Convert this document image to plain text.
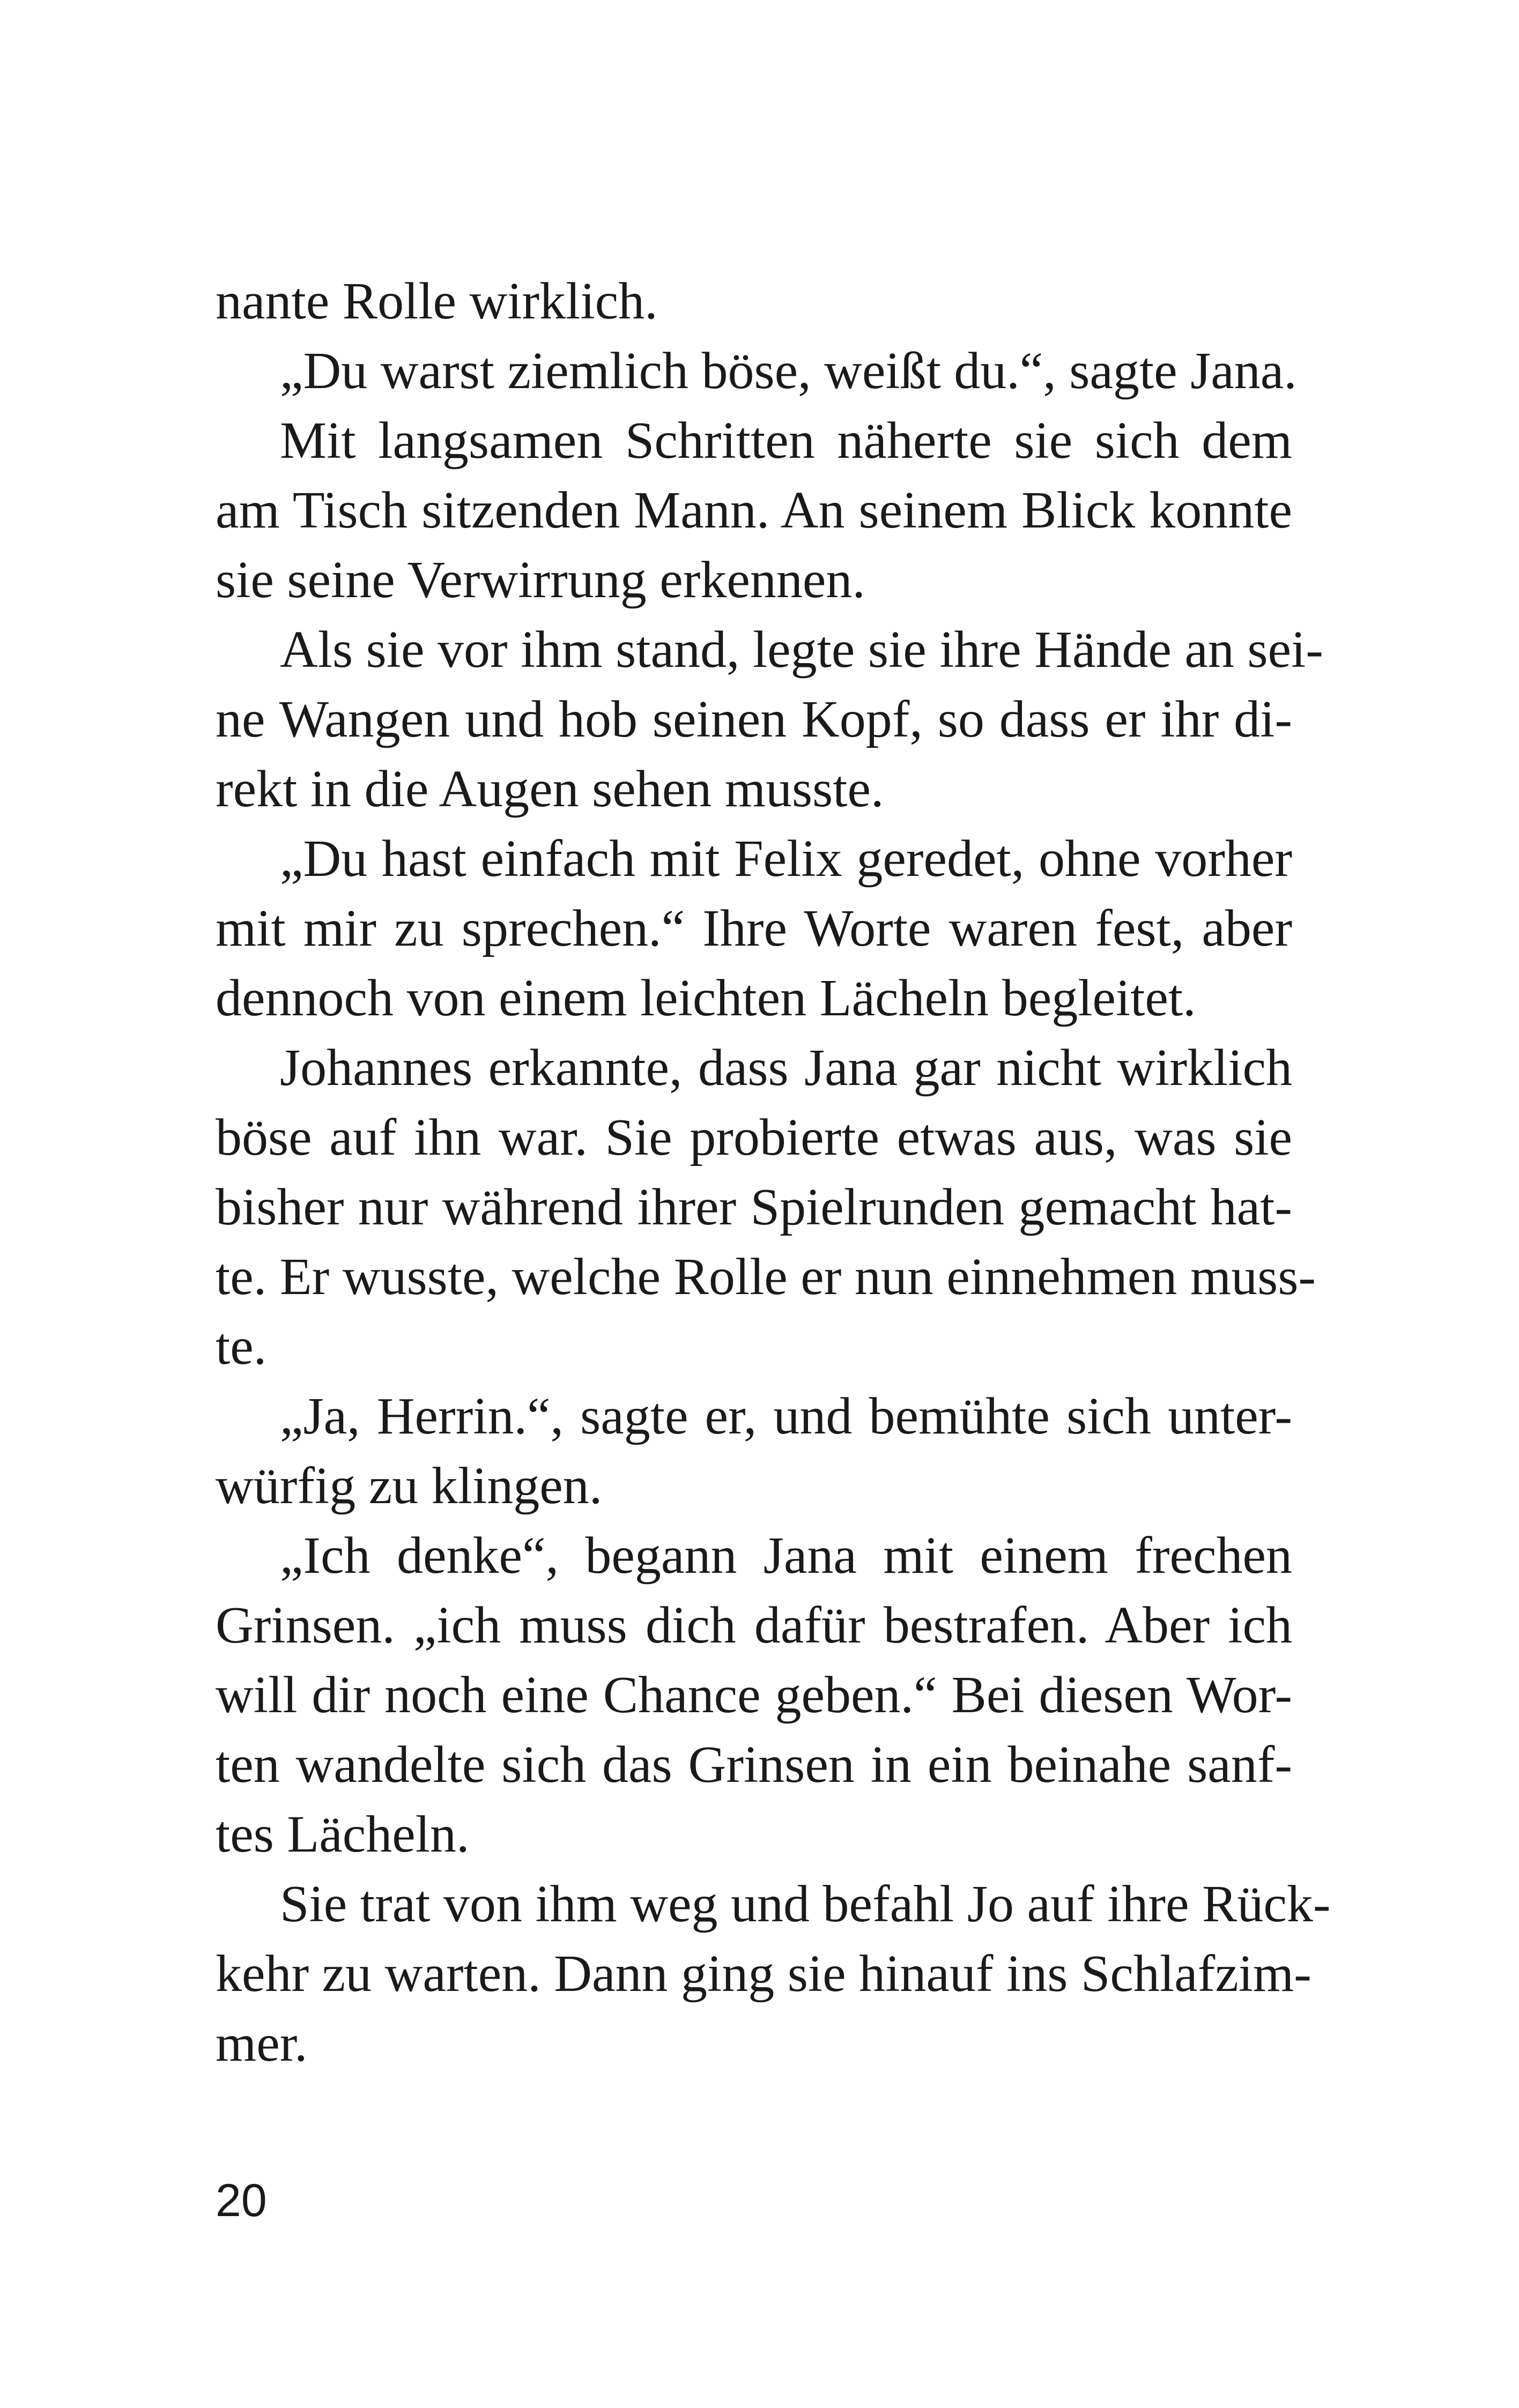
nante Rolle wirklich.
„Du warst ziemlich böse, weißt du.“, sagte Jana.
Mit langsamen Schritten näherte sie sich dem
am Tisch sitzenden Mann. An seinem Blick konnte
sie seine Verwirrung erkennen.
Als sie vor ihm stand, legte sie ihre Hände an sei-
ne Wangen und hob seinen Kopf, so dass er ihr di-
rekt in die Augen sehen musste.
„Du hast einfach mit Felix geredet, ohne vorher
mit mir zu sprechen.“ Ihre Worte waren fest, aber
dennoch von einem leichten Lächeln begleitet.
Johannes erkannte, dass Jana gar nicht wirklich
böse auf ihn war. Sie probierte etwas aus, was sie
bisher nur während ihrer Spielrunden gemacht hat-
te. Er wusste, welche Rolle er nun einnehmen muss-
te.
„Ja, Herrin.“, sagte er, und bemühte sich unter-
würfig zu klingen.
„Ich denke“, begann Jana mit einem frechen
Grinsen. „ich muss dich dafür bestrafen. Aber ich
will dir noch eine Chance geben.“ Bei diesen Wor-
ten wandelte sich das Grinsen in ein beinahe sanf-
tes Lächeln.
Sie trat von ihm weg und befahl Jo auf ihre Rück-
kehr zu warten. Dann ging sie hinauf ins Schlafzim-
mer.
20
